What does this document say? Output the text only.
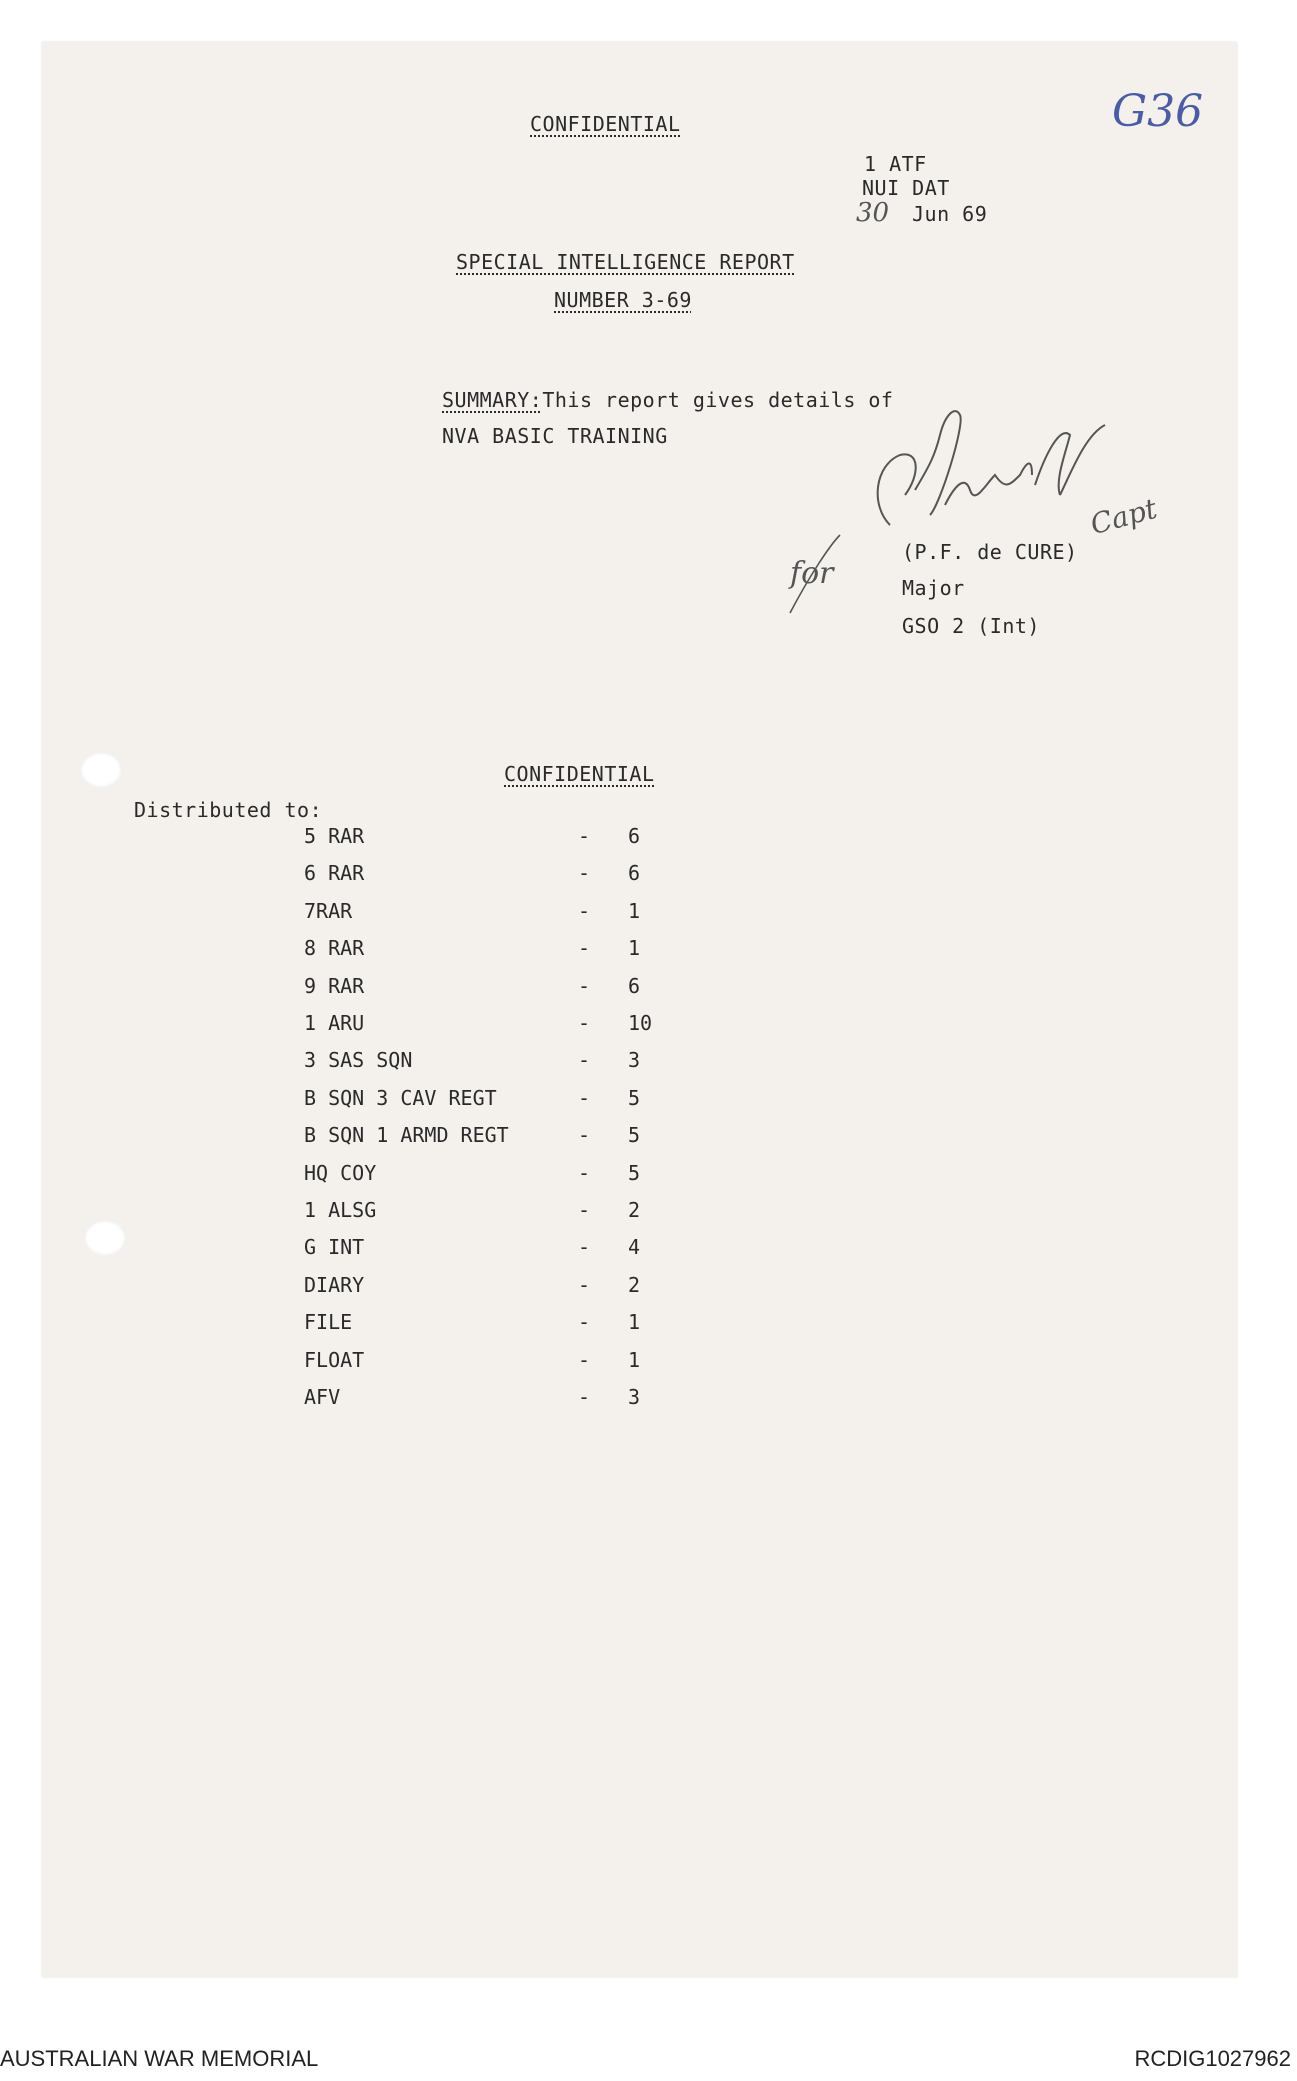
CONFIDENTIAL	G36
1 ATF
NUI DAT
30 Jun 69
SPECIAL INTELLIGENCE REPORT
NUMBER 3-69
SUMMARY:This report gives details of
NVA BASIC TRAINING
for
Capt
(P.F. de CURE)
Major
GSO 2 (Int)
CONFIDENTIAL
Distributed to:
5 RAR	- 6
6 RAR	- 6
7RAR	- 1
8 RAR	- 1
9 RAR	- 6
1 ARU	- 10
3 SAS SQN	- 3
B SQN 3 CAV REGT	- 5
B SQN 1 ARMD REGT	- 5
HQ COY	- 5
1 ALSG	- 2
G INT	- 4
DIARY	- 2
FILE	- 1
FLOAT	- 1
AFV	- 3
AUSTRALIAN WAR MEMORIAL	RCDIG1027962
